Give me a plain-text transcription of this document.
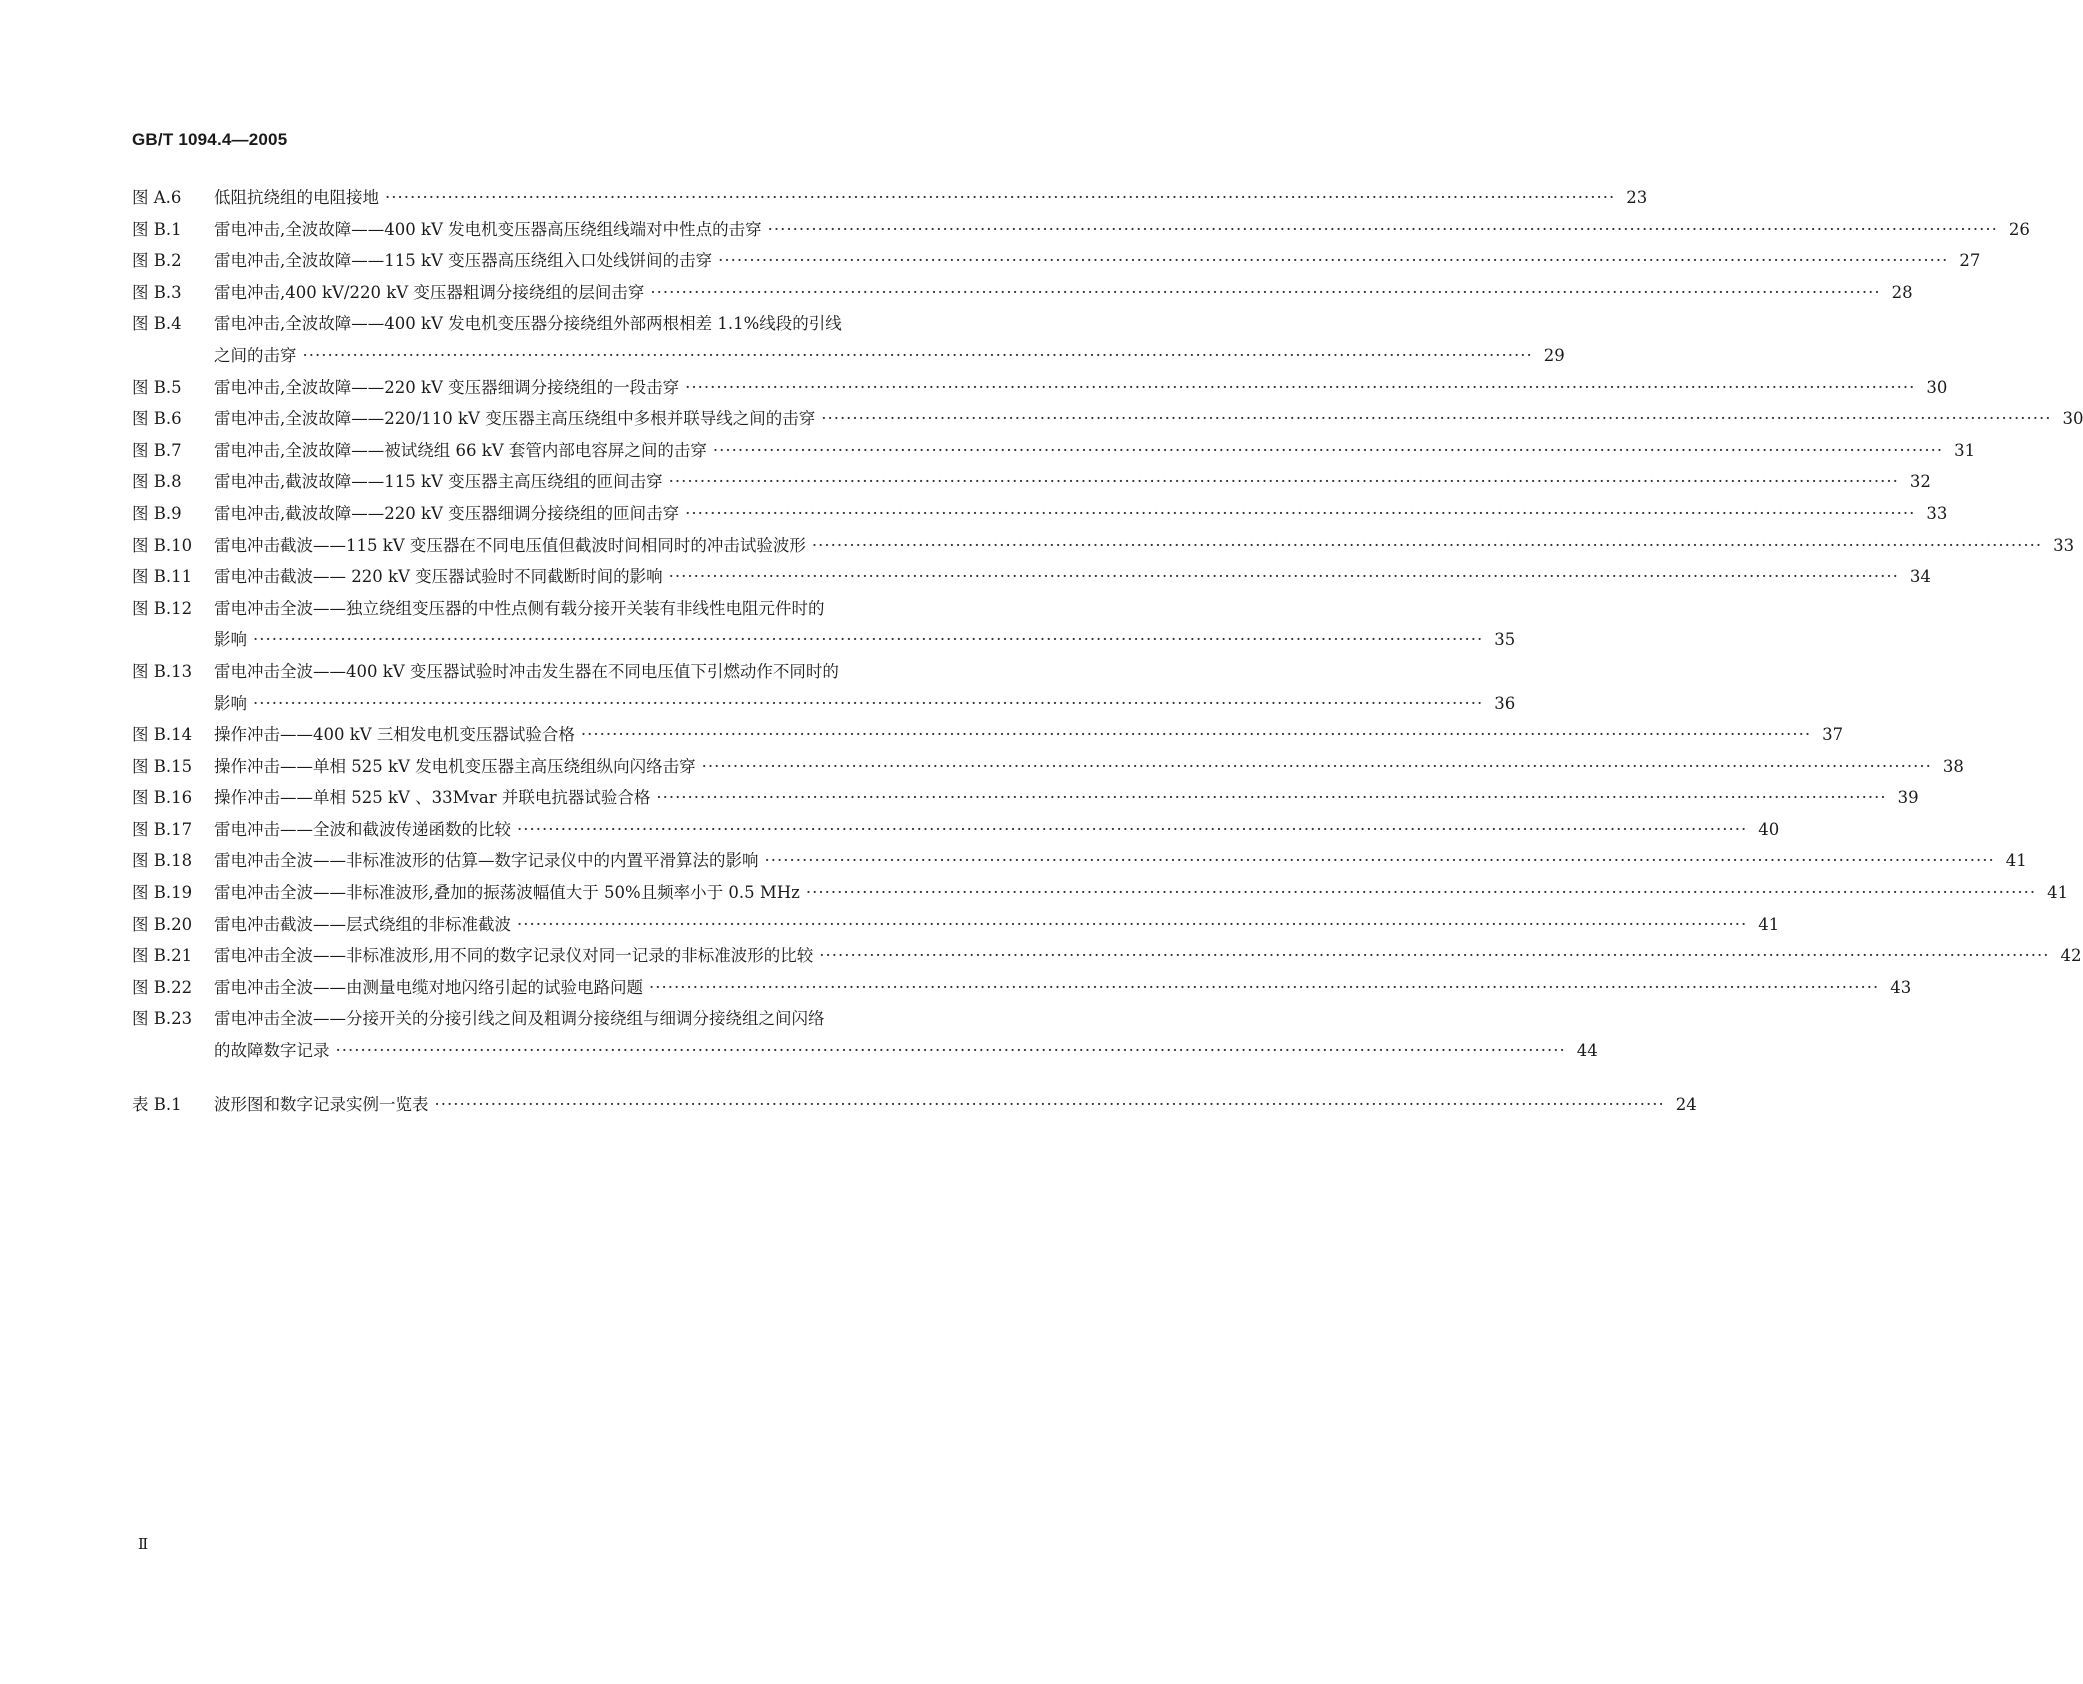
GB/T 1094.4—2005
图 A.6	低阻抗绕组的电阻接地 ·····	23
图 B.1	雷电冲击,全波故障——400 kV 发电机变压器高压绕组线端对中性点的击穿 ·····	26
图 B.2	雷电冲击,全波故障——115 kV 变压器高压绕组入口处线饼间的击穿 ·····	27
图 B.3	雷电冲击,400 kV/220 kV 变压器粗调分接绕组的层间击穿 ·····	28
图 B.4	雷电冲击,全波故障——400 kV 发电机变压器分接绕组外部两根相差 1.1%线段的引线
之间的击穿 ·····	29
图 B.5	雷电冲击,全波故障——220 kV 变压器细调分接绕组的一段击穿 ·····	30
图 B.6	雷电冲击,全波故障——220/110 kV 变压器主高压绕组中多根并联导线之间的击穿 ·····	30
图 B.7	雷电冲击,全波故障——被试绕组 66 kV 套管内部电容屏之间的击穿 ·····	31
图 B.8	雷电冲击,截波故障——115 kV 变压器主高压绕组的匝间击穿 ·····	32
图 B.9	雷电冲击,截波故障——220 kV 变压器细调分接绕组的匝间击穿 ·····	33
图 B.10	雷电冲击截波——115 kV 变压器在不同电压值但截波时间相同时的冲击试验波形 ·····	33
图 B.11	雷电冲击截波—— 220 kV 变压器试验时不同截断时间的影响 ·····	34
图 B.12	雷电冲击全波——独立绕组变压器的中性点侧有载分接开关装有非线性电阻元件时的
影响 ·····	35
图 B.13	雷电冲击全波——400 kV 变压器试验时冲击发生器在不同电压值下引燃动作不同时的
影响 ·····	36
图 B.14	操作冲击——400 kV 三相发电机变压器试验合格 ·····	37
图 B.15	操作冲击——单相 525 kV 发电机变压器主高压绕组纵向闪络击穿 ·····	38
图 B.16	操作冲击——单相 525 kV 、33Mvar 并联电抗器试验合格 ·····	39
图 B.17	雷电冲击——全波和截波传递函数的比较 ·····	40
图 B.18	雷电冲击全波——非标准波形的估算—数字记录仪中的内置平滑算法的影响 ·····	41
图 B.19	雷电冲击全波——非标准波形,叠加的振荡波幅值大于 50%且频率小于 0.5 MHz ·····	41
图 B.20	雷电冲击截波——层式绕组的非标准截波 ·····	41
图 B.21	雷电冲击全波——非标准波形,用不同的数字记录仪对同一记录的非标准波形的比较 ·····	42
图 B.22	雷电冲击全波——由测量电缆对地闪络引起的试验电路问题 ·····	43
图 B.23	雷电冲击全波——分接开关的分接引线之间及粗调分接绕组与细调分接绕组之间闪络
的故障数字记录 ·····	44
表 B.1	波形图和数字记录实例一览表 ·····	24
Ⅱ
